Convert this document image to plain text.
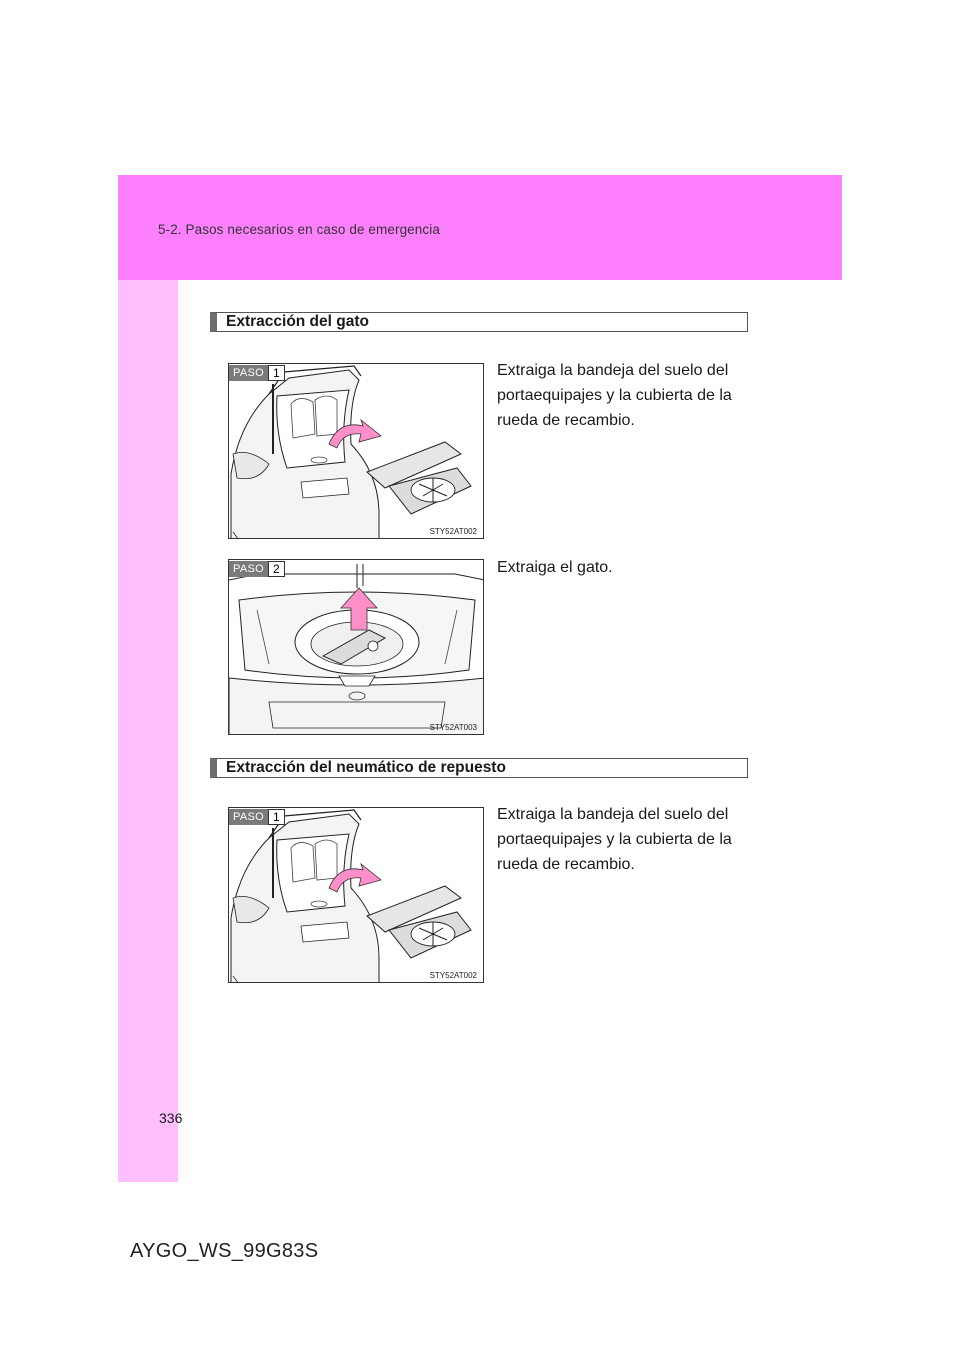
5-2. Pasos necesarios en caso de emergencia
Extracción del gato
PASO 1
STY52AT002
Extraiga la bandeja del suelo del portaequipajes y la cubierta de la rueda de recambio.
PASO 2
STY52AT003
Extraiga el gato.
Extracción del neumático de repuesto
PASO 1
STY52AT002
Extraiga la bandeja del suelo del portaequipajes y la cubierta de la rueda de recambio.
336
AYGO_WS_99G83S
